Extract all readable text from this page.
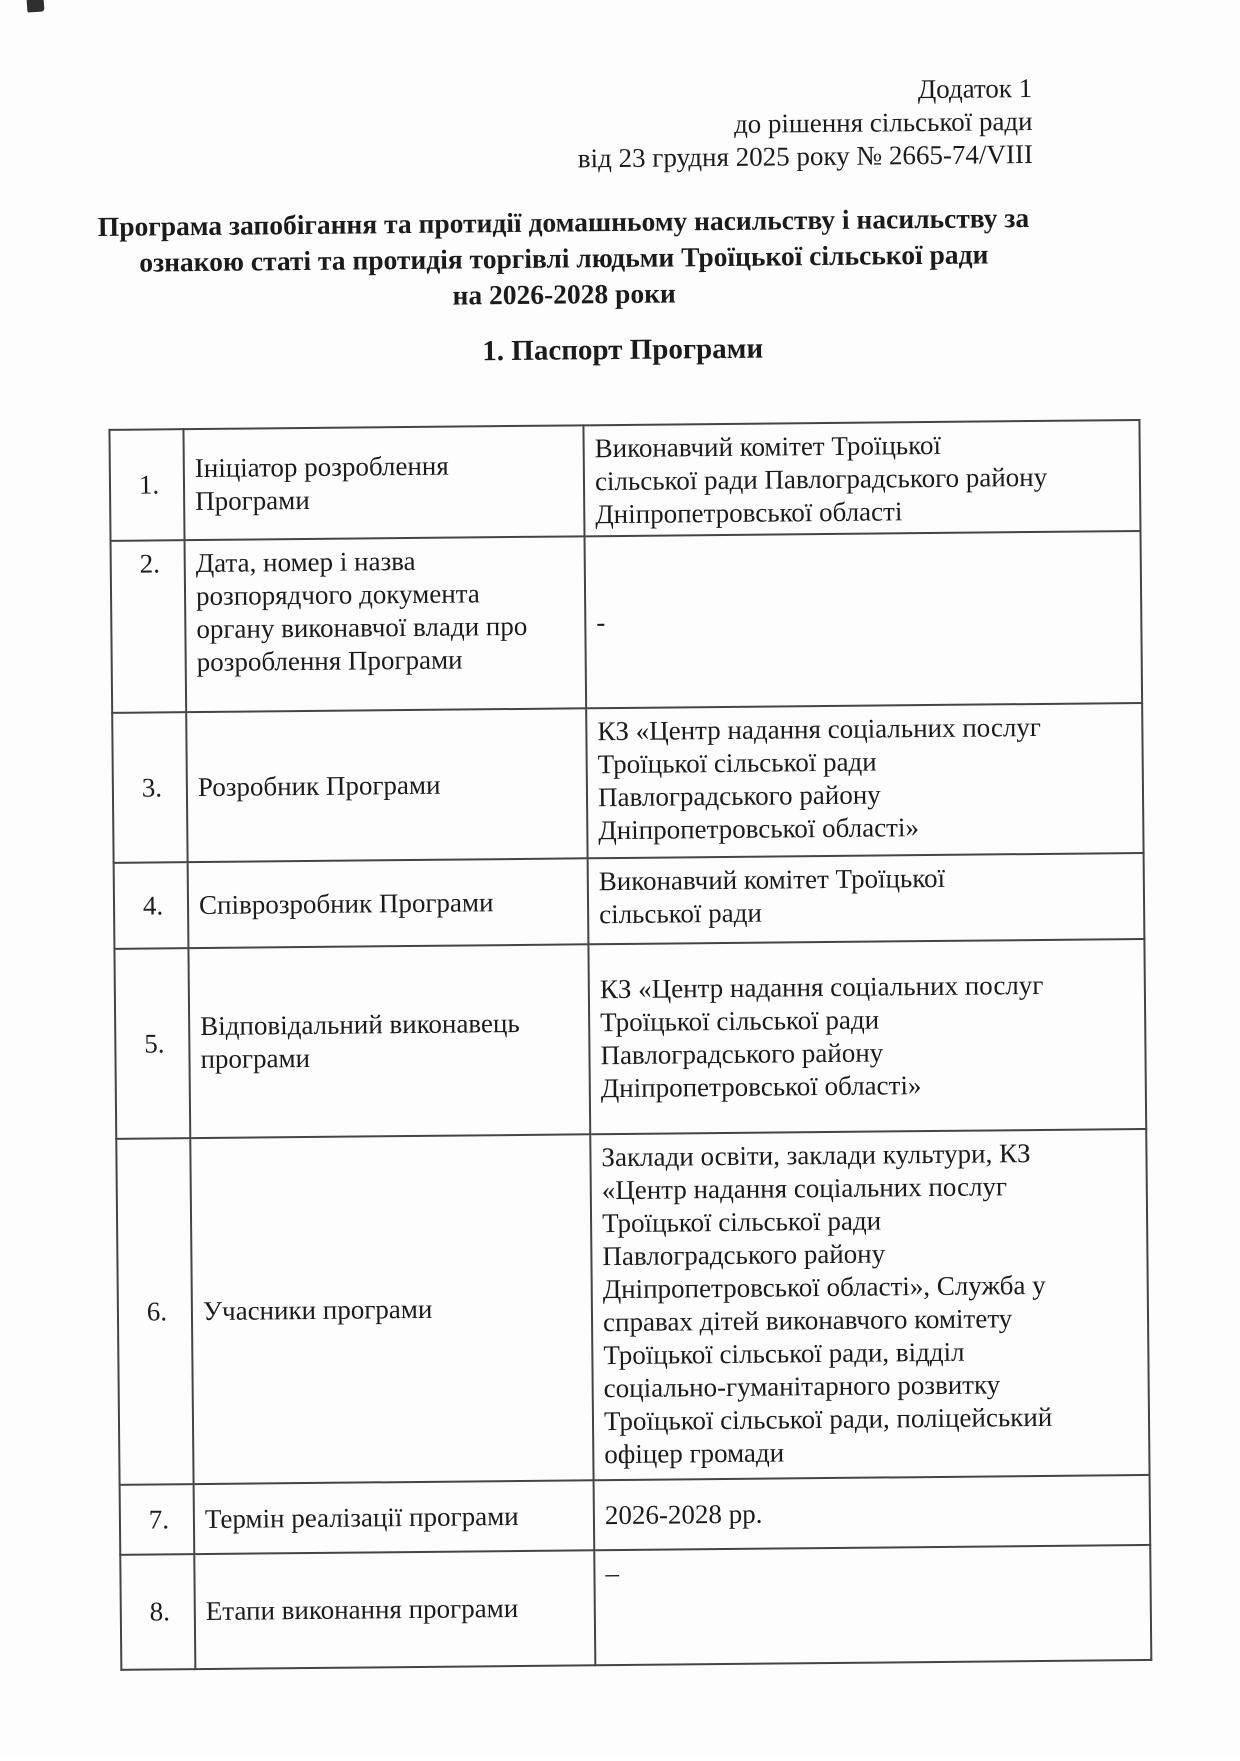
Додаток 1
до рішення сільської ради
від 23 грудня 2025 року № 2665-74/VIII
Програма запобігання та протидії домашньому насильству і насильству за
ознакою статі та протидія торгівлі людьми Троїцької сільської ради
на 2026-2028 роки
1. Паспорт Програми
1.	Ініціатор розроблення
Програми	Виконавчий комітет Троїцької
сільської ради Павлоградського району
Дніпропетровської області
2.	Дата, номер і назва
розпорядчого документа
органу виконавчої влади про
розроблення Програми	-
3.	Розробник Програми	КЗ «Центр надання соціальних послуг
Троїцької сільської ради
Павлоградського району
Дніпропетровської області»
4.	Співрозробник Програми	Виконавчий комітет Троїцької
сільської ради
5.	Відповідальний виконавець
програми	КЗ «Центр надання соціальних послуг
Троїцької сільської ради
Павлоградського району
Дніпропетровської області»
6.	Учасники програми	Заклади освіти, заклади культури, КЗ
«Центр надання соціальних послуг
Троїцької сільської ради
Павлоградського району
Дніпропетровської області», Служба у
справах дітей виконавчого комітету
Троїцької сільської ради, відділ
соціально-гуманітарного розвитку
Троїцької сільської ради, поліцейський
офіцер громади
7.	Термін реалізації програми	2026-2028 рр.
8.	Етапи виконання програми	–
